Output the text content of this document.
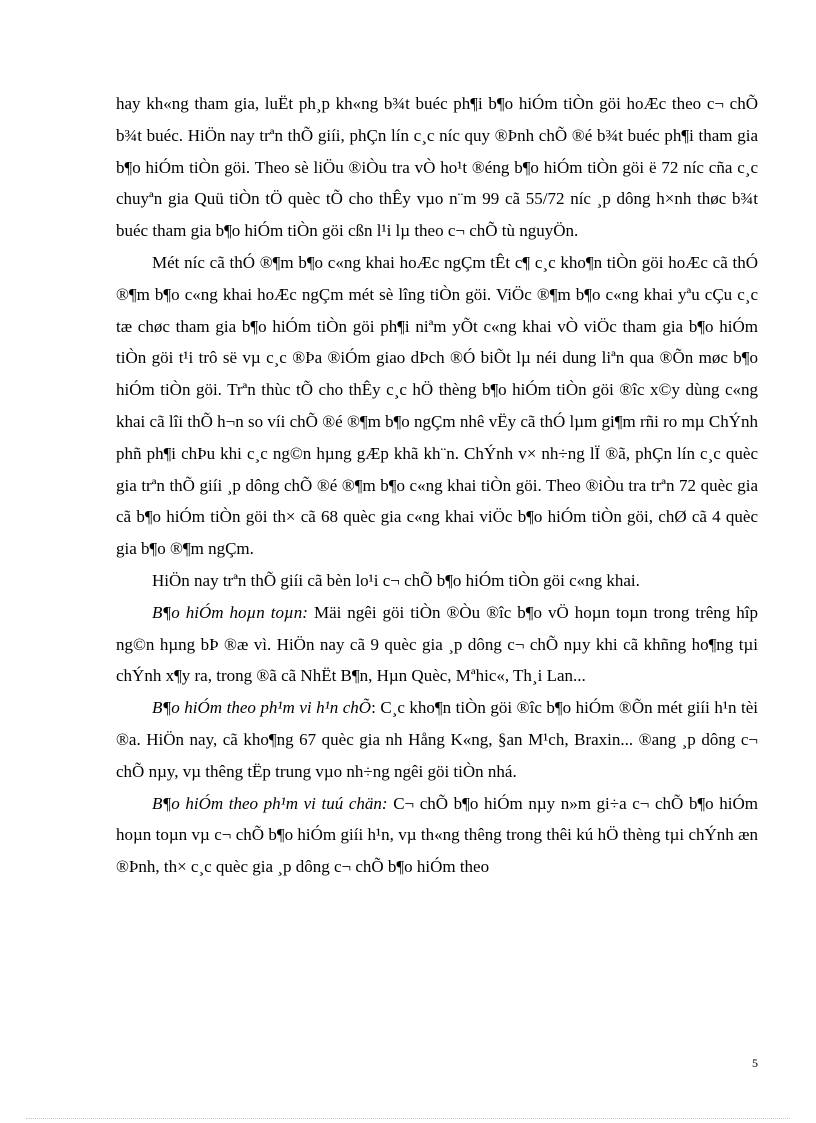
hay kh«ng tham gia, luËt ph¸p kh«ng b¾t buéc ph¶i b¶o hiÓm tiÒn göi hoÆc theo c¬ chÕ b¾t buéc. HiÖn nay trªn thÕ giíi, phÇn lín c¸c níc quy ®Þnh chÕ ®é b¾t buéc ph¶i tham gia b¶o hiÓm tiÒn göi. Theo sè liÖu ®iÒu tra vÒ ho¹t ®éng b¶o hiÓm tiÒn göi ë 72 níc cña c¸c chuyªn gia Quü tiÒn tÖ quèc tÕ cho thÊy vµo n¨m 99 cã 55/72 níc ¸p dông h×nh thøc b¾t buéc tham gia b¶o hiÓm tiÒn göi cßn l¹i lµ theo c¬ chÕ tù nguyÖn.

Mét níc cã thÓ ®¶m b¶o c«ng khai hoÆc ngÇm tÊt c¶ c¸c kho¶n tiÒn göi hoÆc cã thÓ ®¶m b¶o c«ng khai hoÆc ngÇm mét sè lîng tiÒn göi. ViÖc ®¶m b¶o c«ng khai yªu cÇu c¸c tæ chøc tham gia b¶o hiÓm tiÒn göi ph¶i niªm yÕt c«ng khai vÒ viÖc tham gia b¶o hiÓm tiÒn göi t¹i trô së vµ c¸c ®Þa ®iÓm giao dÞch ®Ó biÕt lµ néi dung liªn qua ®Õn møc b¶o hiÓm tiÒn göi. Trªn thùc tÕ cho thÊy c¸c hÖ thèng b¶o hiÓm tiÒn göi ®îc x©y dùng c«ng khai cã lîi thÕ h¬n so víi chÕ ®é ®¶m b¶o ngÇm nhê vËy cã thÓ lµm gi¶m rñi ro mµ ChÝnh phñ ph¶i chÞu khi c¸c ng©n hµng gÆp khã kh¨n. ChÝnh v× nh÷ng lÏ ®ã, phÇn lín c¸c quèc gia trªn thÕ giíi ¸p dông chÕ ®é ®¶m b¶o c«ng khai tiÒn göi. Theo ®iÒu tra trªn 72 quèc gia cã b¶o hiÓm tiÒn göi th× cã 68 quèc gia c«ng khai viÖc b¶o hiÓm tiÒn göi, chØ cã 4 quèc gia b¶o ®¶m ngÇm.

HiÖn nay trªn thÕ giíi cã bèn lo¹i c¬ chÕ b¶o hiÓm tiÒn göi c«ng khai.

B¶o hiÓm hoµn toµn: Mäi ngêi göi tiÒn ®Òu ®îc b¶o vÖ hoµn toµn trong trêng hîp ng©n hµng bÞ ®æ vì. HiÖn nay cã 9 quèc gia ¸p dông c¬ chÕ nµy khi cã khñng ho¶ng tµi chÝnh x¶y ra, trong ®ã cã NhËt B¶n, Hµn Quèc, Mªhic«, Th¸i Lan...

B¶o hiÓm theo ph¹m vi h¹n chÕ: C¸c kho¶n tiÒn göi ®îc b¶o hiÓm ®Õn mét giíi h¹n tèi ®a. HiÖn nay, cã kho¶ng 67 quèc gia nh Hång K«ng, §an M¹ch, Braxin... ®ang ¸p dông c¬ chÕ nµy, vµ thêng tËp trung vµo nh÷ng ngêi göi tiÒn nhá.

B¶o hiÓm theo ph¹m vi tuú chän: C¬ chÕ b¶o hiÓm nµy n»m gi÷a c¬ chÕ b¶o hiÓm hoµn toµn vµ c¬ chÕ b¶o hiÓm giíi h¹n, vµ th«ng thêng trong thêi kú hÖ thèng tµi chÝnh æn ®Þnh, th× c¸c quèc gia ¸p dông c¬ chÕ b¶o hiÓm theo

5
